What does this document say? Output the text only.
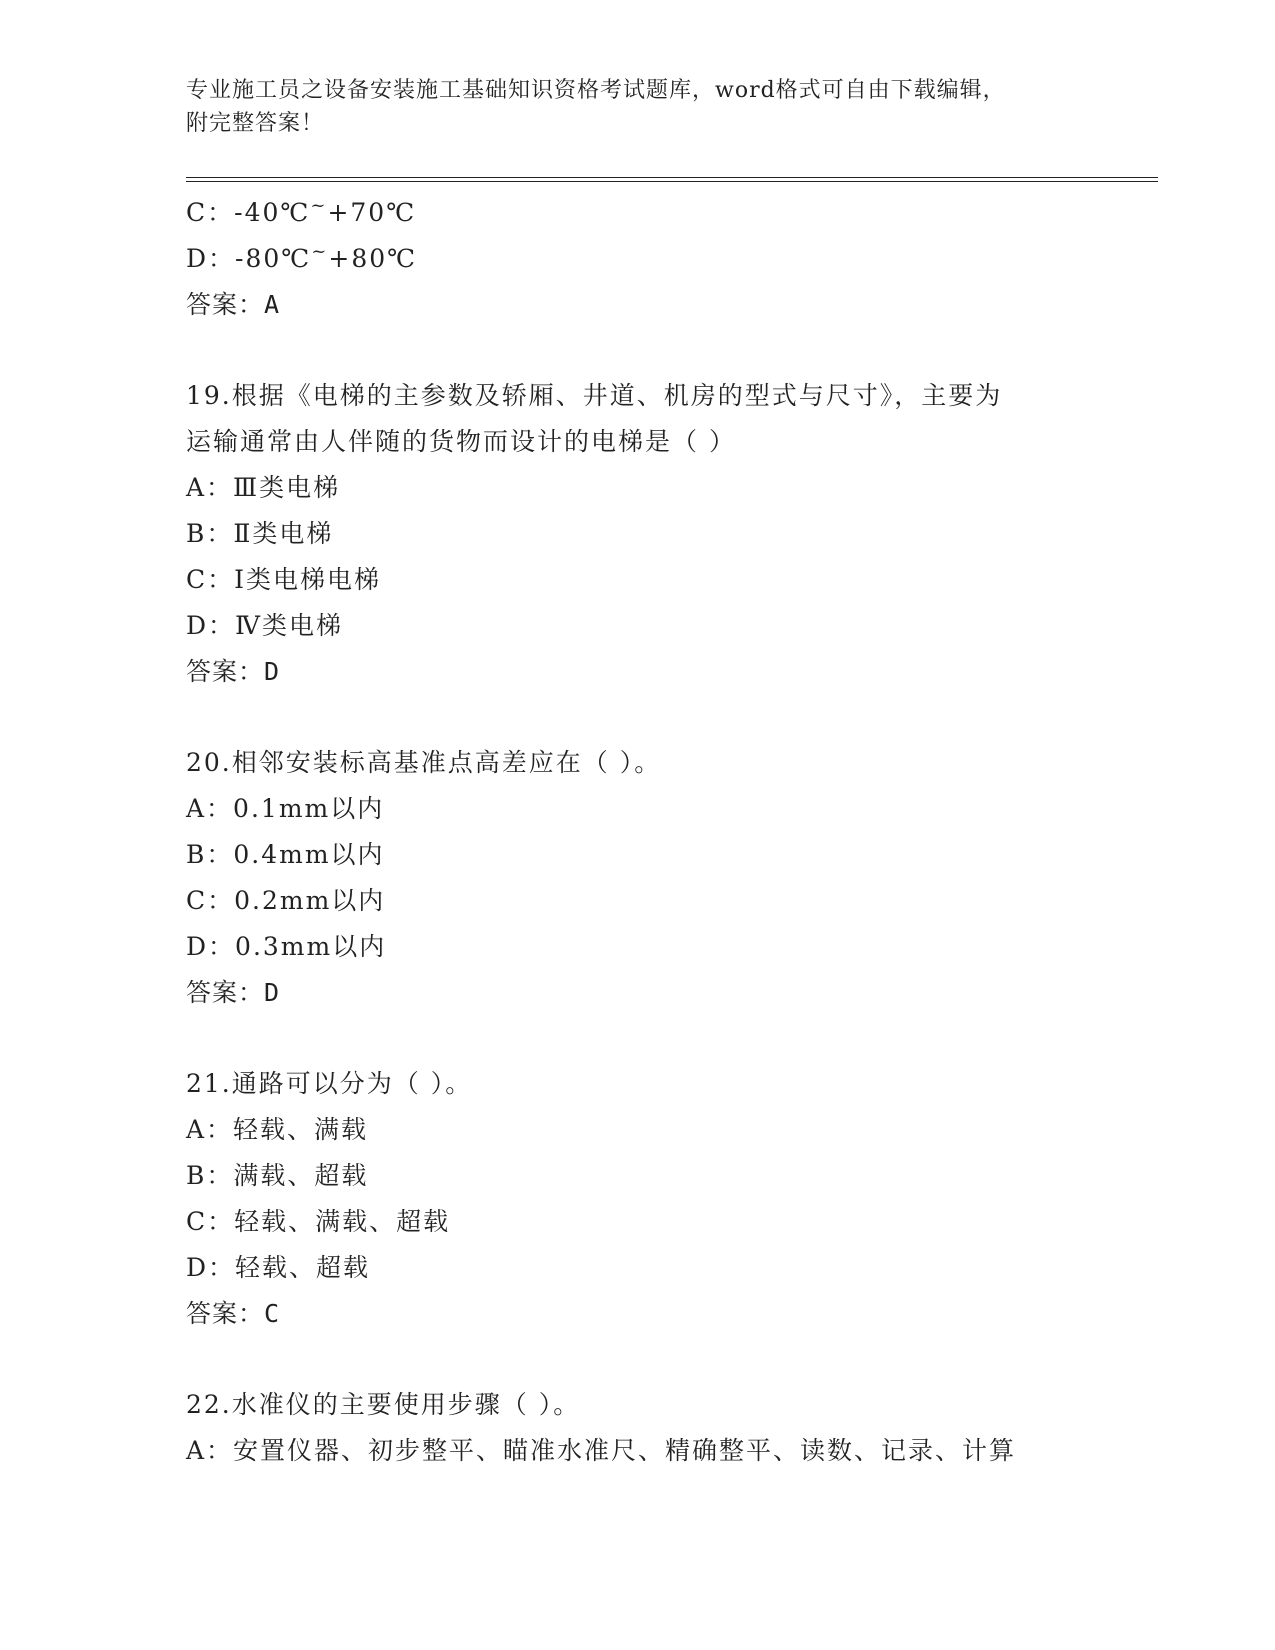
专业施工员之设备安装施工基础知识资格考试题库，word格式可自由下载编辑，
附完整答案！
C：-40℃~+70℃
D：-80℃~+80℃
答案：A
19.根据《电梯的主参数及轿厢、井道、机房的型式与尺寸》，主要为
运输通常由人伴随的货物而设计的电梯是（ ）
A：Ⅲ类电梯
B：Ⅱ类电梯
C：Ⅰ类电梯电梯
D：Ⅳ类电梯
答案：D
20.相邻安装标高基准点高差应在（ ）。
A：0.1mm以内
B：0.4mm以内
C：0.2mm以内
D：0.3mm以内
答案：D
21.通路可以分为（ ）。
A：轻载、满载
B：满载、超载
C：轻载、满载、超载
D：轻载、超载
答案：C
22.水准仪的主要使用步骤（ ）。
A：安置仪器、初步整平、瞄准水准尺、精确整平、读数、记录、计算
